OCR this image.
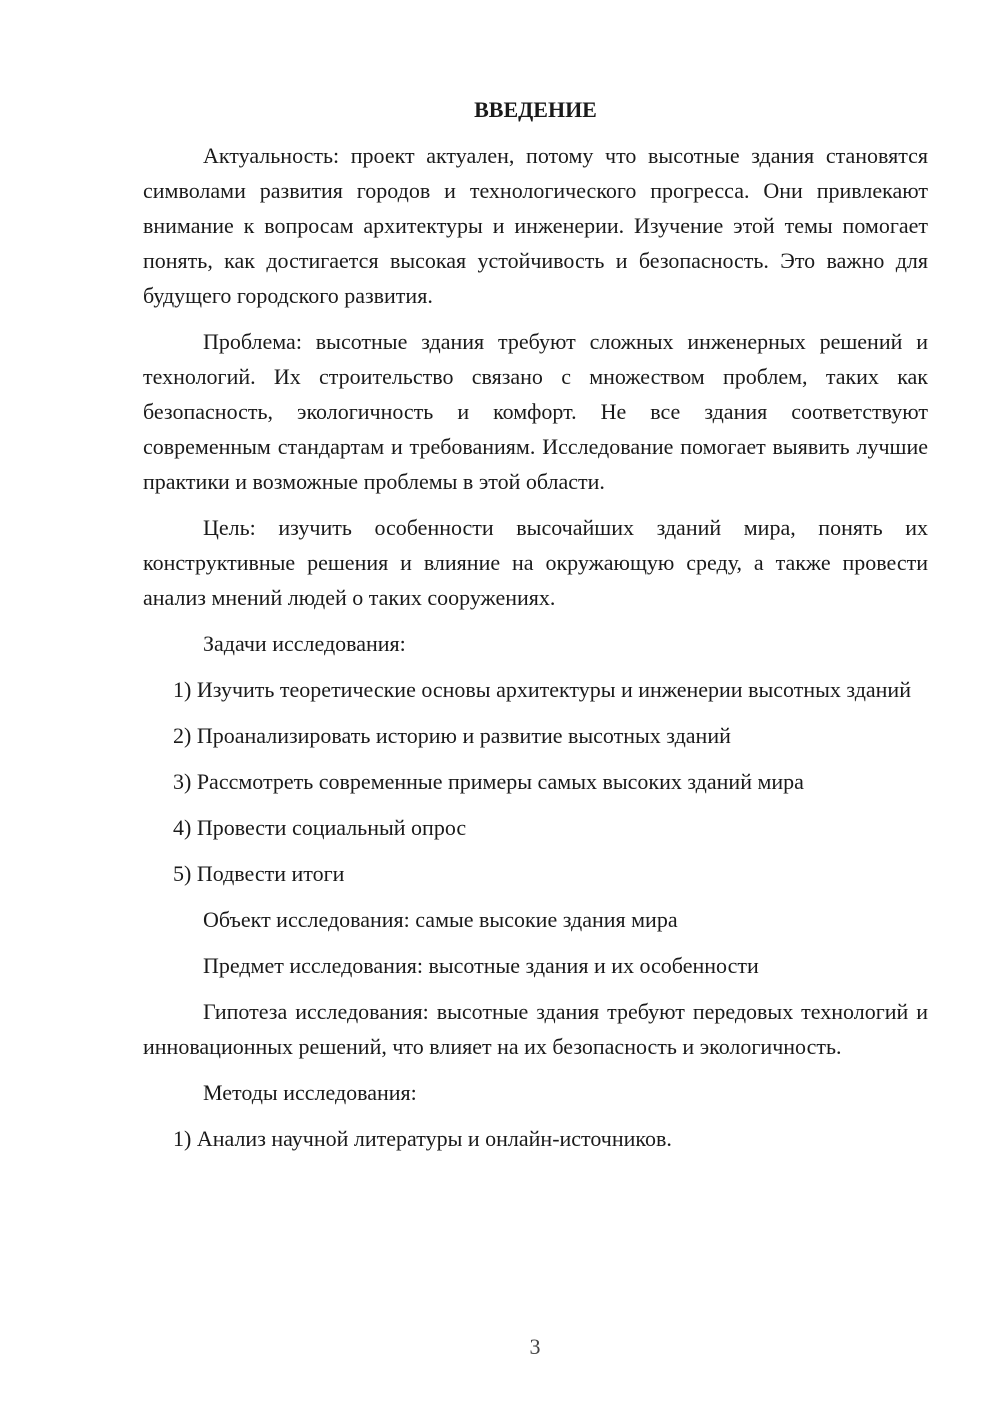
ВВЕДЕНИЕ

Актуальность: проект актуален, потому что высотные здания становятся символами развития городов и технологического прогресса. Они привлекают внимание к вопросам архитектуры и инженерии. Изучение этой темы помогает понять, как достигается высокая устойчивость и безопасность. Это важно для будущего городского развития.

Проблема: высотные здания требуют сложных инженерных решений и технологий. Их строительство связано с множеством проблем, таких как безопасность, экологичность и комфорт. Не все здания соответствуют современным стандартам и требованиям. Исследование помогает выявить лучшие практики и возможные проблемы в этой области.

Цель: изучить особенности высочайших зданий мира, понять их конструктивные решения и влияние на окружающую среду, а также провести анализ мнений людей о таких сооружениях.

Задачи исследования:

1) Изучить теоретические основы архитектуры и инженерии высотных зданий

2) Проанализировать историю и развитие высотных зданий

3) Рассмотреть современные примеры самых высоких зданий мира

4) Провести социальный опрос

5) Подвести итоги

Объект исследования: самые высокие здания мира

Предмет исследования: высотные здания и их особенности

Гипотеза исследования: высотные здания требуют передовых технологий и инновационных решений, что влияет на их безопасность и экологичность.

Методы исследования:

1) Анализ научной литературы и онлайн-источников.

3
